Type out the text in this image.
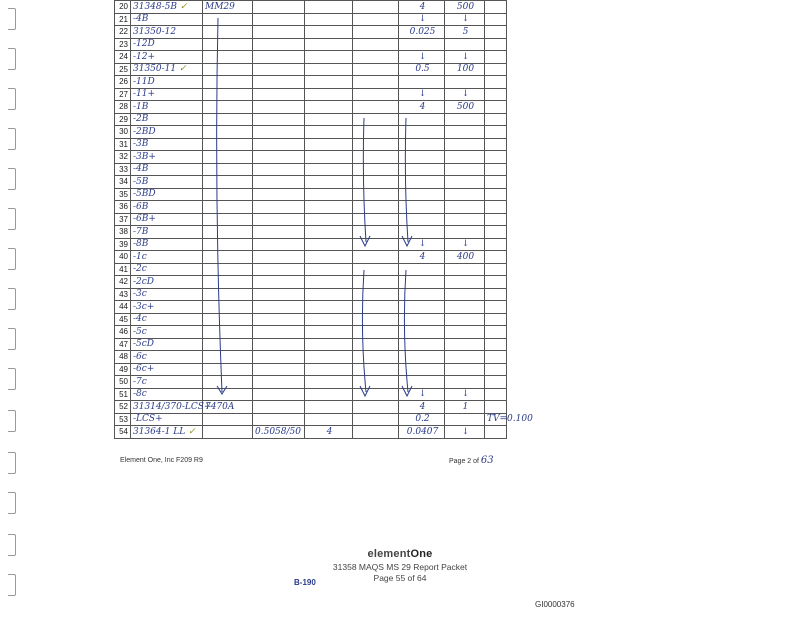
20	31348-5B ✓	MM29				4	500	
21	-4B					↓	↓	
22	31350-12					0.025	5	
23	-12D							
24	-12+					↓	↓	
25	31350-11 ✓					0.5	100	
26	-11D							
27	-11+					↓	↓	
28	-1B					4	500	
29	-2B							
30	-2BD							
31	-3B							
32	-3B+							
33	-4B							
34	-5B							
35	-5BD							
36	-6B							
37	-6B+							
38	-7B							
39	-8B					↓	↓	
40	-1c					4	400	
41	-2c							
42	-2cD							
43	-3c							
44	-3c+							
45	-4c							
46	-5c							
47	-5cD							
48	-6c							
49	-6c+							
50	-7c							
51	-8c					↓	↓	
52	31314/370-LCS+	7470A				4	1	
53	-LCS+					0.2		TV=0.100
54	31364-1 LL ✓		0.5058/50	4		0.0407	↓	
Element One, Inc F209 R9	Page 2 of 63
elementOne
31358 MAQS MS 29 Report Packet
Page 55 of 64
B-190
GI0000376
